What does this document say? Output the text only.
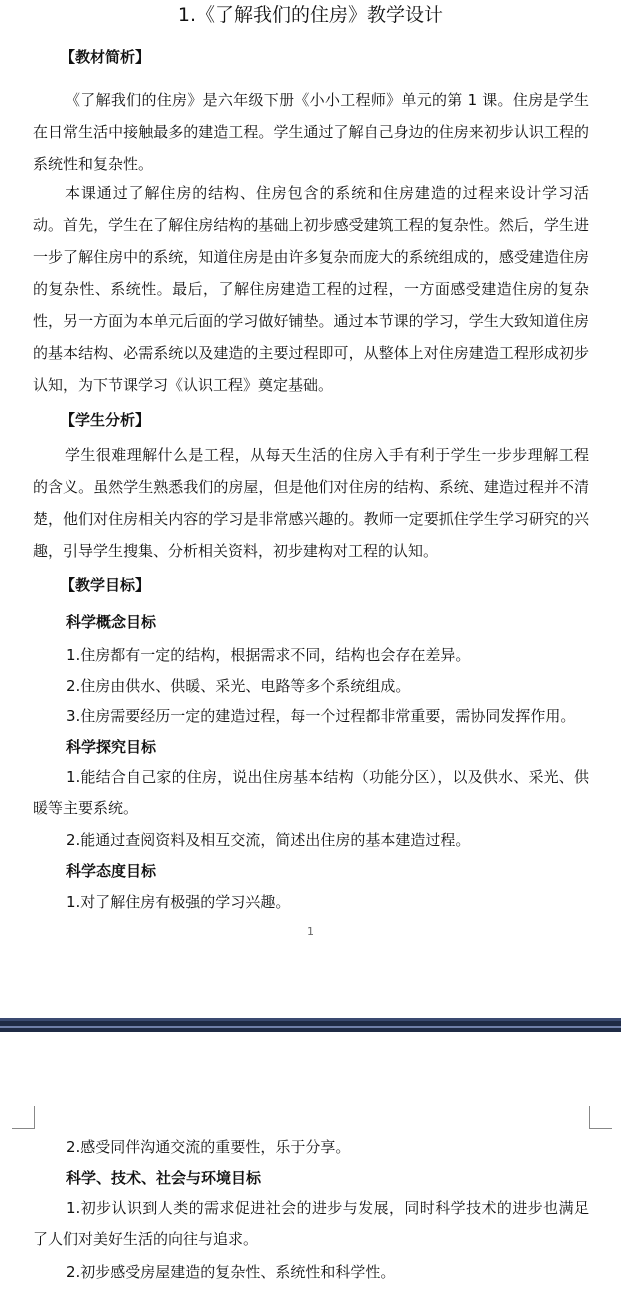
1.《了解我们的住房》教学设计
【教材简析】

《了解我们的住房》是六年级下册《小小工程师》单元的第 1 课。住房是学生在日常生活中接触最多的建造工程。学生通过了解自己身边的住房来初步认识工程的系统性和复杂性。

本课通过了解住房的结构、住房包含的系统和住房建造的过程来设计学习活动。首先，学生在了解住房结构的基础上初步感受建筑工程的复杂性。然后，学生进一步了解住房中的系统，知道住房是由许多复杂而庞大的系统组成的，感受建造住房的复杂性、系统性。最后，了解住房建造工程的过程，一方面感受建造住房的复杂性，另一方面为本单元后面的学习做好铺垫。通过本节课的学习，学生大致知道住房的基本结构、必需系统以及建造的主要过程即可，从整体上对住房建造工程形成初步认知，为下节课学习《认识工程》奠定基础。

【学生分析】

学生很难理解什么是工程，从每天生活的住房入手有利于学生一步步理解工程的含义。虽然学生熟悉我们的房屋，但是他们对住房的结构、系统、建造过程并不清楚，他们对住房相关内容的学习是非常感兴趣的。教师一定要抓住学生学习研究的兴趣，引导学生搜集、分析相关资料，初步建构对工程的认知。

【教学目标】
科学概念目标
1.住房都有一定的结构，根据需求不同，结构也会存在差异。
2.住房由供水、供暖、采光、电路等多个系统组成。
3.住房需要经历一定的建造过程，每一个过程都非常重要，需协同发挥作用。
科学探究目标

1.能结合自己家的住房，说出住房基本结构（功能分区），以及供水、采光、供暖等主要系统。

2.能通过查阅资料及相互交流，简述出住房的基本建造过程。
科学态度目标
1.对了解住房有极强的学习兴趣。
1
2.感受同伴沟通交流的重要性，乐于分享。
科学、技术、社会与环境目标

1.初步认识到人类的需求促进社会的进步与发展，同时科学技术的进步也满足了人们对美好生活的向往与追求。

2.初步感受房屋建造的复杂性、系统性和科学性。
